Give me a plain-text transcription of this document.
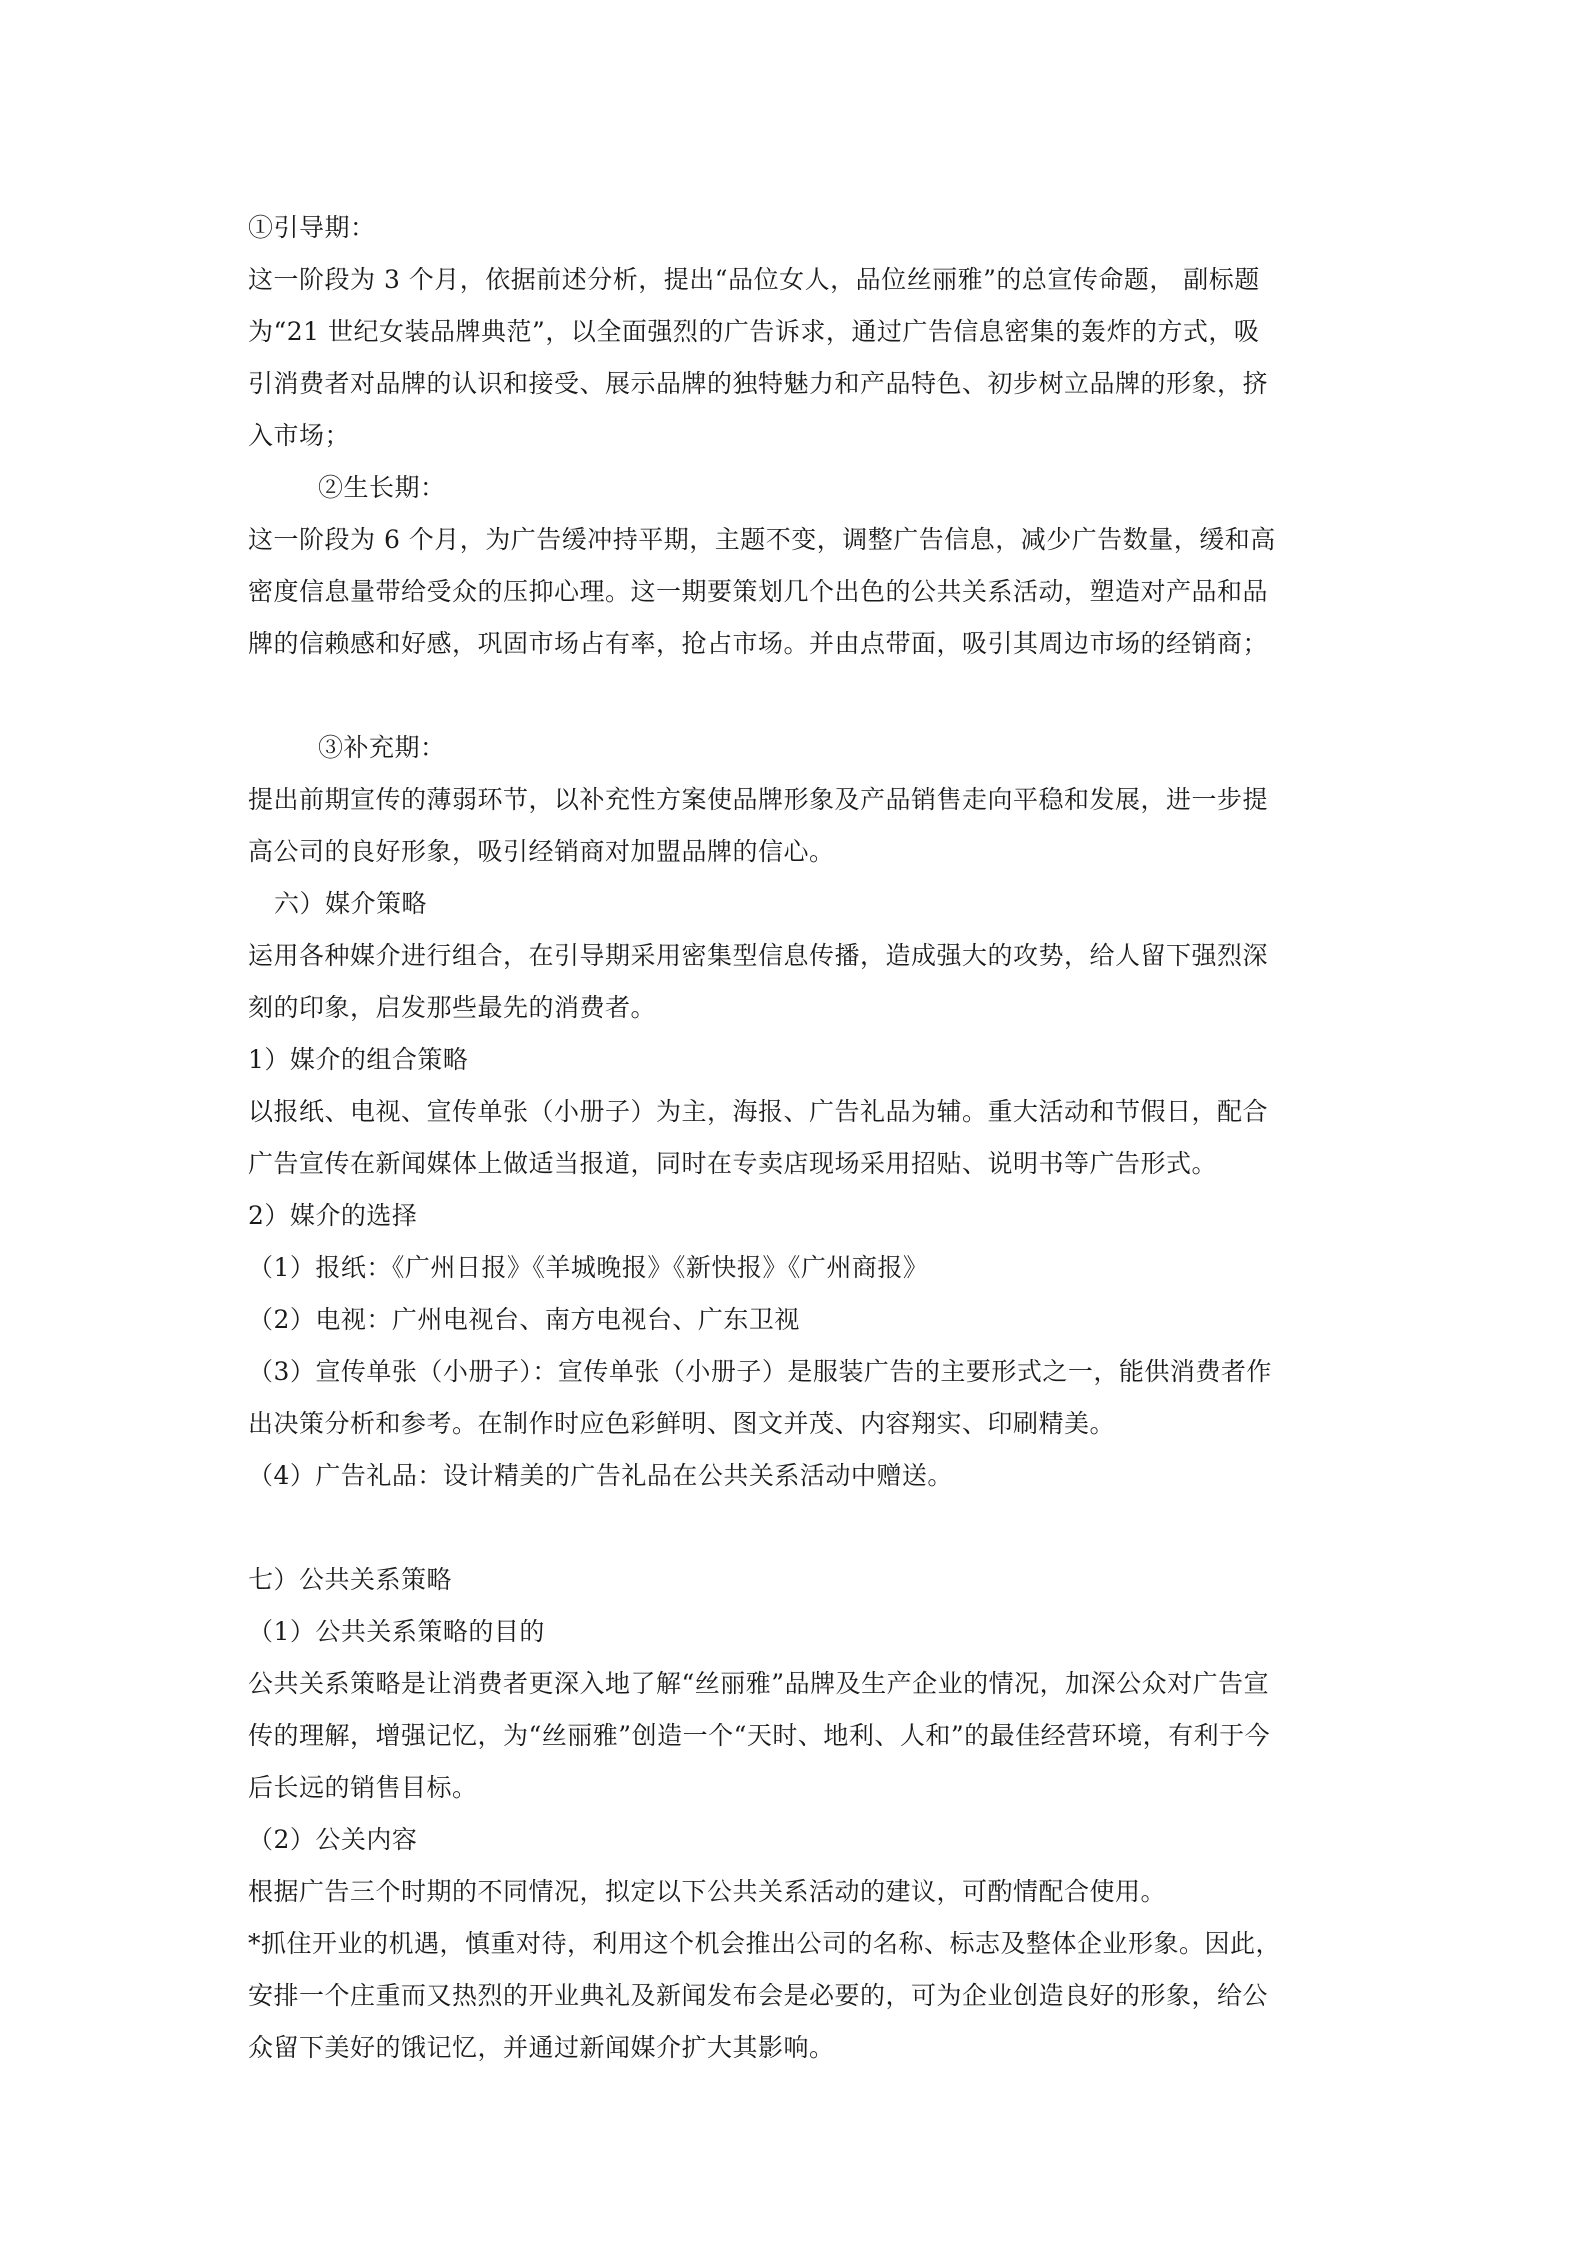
①引导期：
这一阶段为 3 个月，依据前述分析，提出“品位女人，品位丝丽雅”的总宣传命题， 副标题
为“21 世纪女装品牌典范”，以全面强烈的广告诉求，通过广告信息密集的轰炸的方式，吸
引消费者对品牌的认识和接受、展示品牌的独特魅力和产品特色、初步树立品牌的形象，挤
入市场；
②生长期：
这一阶段为 6 个月，为广告缓冲持平期，主题不变，调整广告信息，减少广告数量，缓和高
密度信息量带给受众的压抑心理。这一期要策划几个出色的公共关系活动，塑造对产品和品
牌的信赖感和好感，巩固市场占有率，抢占市场。并由点带面，吸引其周边市场的经销商；
③补充期：
提出前期宣传的薄弱环节，以补充性方案使品牌形象及产品销售走向平稳和发展，进一步提
高公司的良好形象，吸引经销商对加盟品牌的信心。
六）媒介策略
运用各种媒介进行组合，在引导期采用密集型信息传播，造成强大的攻势，给人留下强烈深
刻的印象，启发那些最先的消费者。
1）媒介的组合策略
以报纸、电视、宣传单张（小册子）为主，海报、广告礼品为辅。重大活动和节假日，配合
广告宣传在新闻媒体上做适当报道，同时在专卖店现场采用招贴、说明书等广告形式。
2）媒介的选择
（1）报纸：《广州日报》《羊城晚报》《新快报》《广州商报》
（2）电视：广州电视台、南方电视台、广东卫视
（3）宣传单张（小册子）：宣传单张（小册子）是服装广告的主要形式之一，能供消费者作
出决策分析和参考。在制作时应色彩鲜明、图文并茂、内容翔实、印刷精美。
（4）广告礼品：设计精美的广告礼品在公共关系活动中赠送。
七）公共关系策略
（1）公共关系策略的目的
公共关系策略是让消费者更深入地了解“丝丽雅”品牌及生产企业的情况，加深公众对广告宣
传的理解，增强记忆，为“丝丽雅”创造一个“天时、地利、人和”的最佳经营环境，有利于今
后长远的销售目标。
（2）公关内容
根据广告三个时期的不同情况，拟定以下公共关系活动的建议，可酌情配合使用。
*抓住开业的机遇，慎重对待，利用这个机会推出公司的名称、标志及整体企业形象。因此，
安排一个庄重而又热烈的开业典礼及新闻发布会是必要的，可为企业创造良好的形象，给公
众留下美好的饿记忆，并通过新闻媒介扩大其影响。
